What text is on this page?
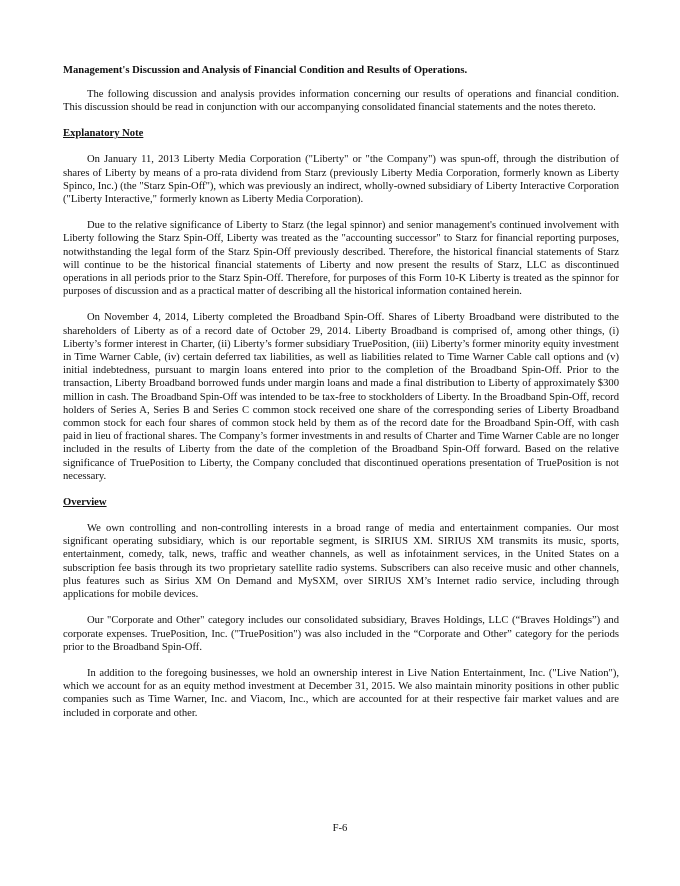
Management's Discussion and Analysis of Financial Condition and Results of Operations.

The following discussion and analysis provides information concerning our results of operations and financial condition. This discussion should be read in conjunction with our accompanying consolidated financial statements and the notes thereto.

Explanatory Note

On January 11, 2013 Liberty Media Corporation ("Liberty" or "the Company") was spun-off, through the distribution of shares of Liberty by means of a pro-rata dividend from Starz (previously Liberty Media Corporation, formerly known as Liberty Spinco, Inc.) (the "Starz Spin-Off"), which was previously an indirect, wholly-owned subsidiary of Liberty Interactive Corporation ("Liberty Interactive," formerly known as Liberty Media Corporation).

Due to the relative significance of Liberty to Starz (the legal spinnor) and senior management's continued involvement with Liberty following the Starz Spin-Off, Liberty was treated as the "accounting successor" to Starz for financial reporting purposes, notwithstanding the legal form of the Starz Spin-Off previously described. Therefore, the historical financial statements of Starz will continue to be the historical financial statements of Liberty and now present the results of Starz, LLC as discontinued operations in all periods prior to the Starz Spin-Off. Therefore, for purposes of this Form 10-K Liberty is treated as the spinnor for purposes of discussion and as a practical matter of describing all the historical information contained herein.

On November 4, 2014, Liberty completed the Broadband Spin-Off. Shares of Liberty Broadband were distributed to the shareholders of Liberty as of a record date of October 29, 2014. Liberty Broadband is comprised of, among other things, (i) Liberty’s former interest in Charter, (ii) Liberty’s former subsidiary TruePosition, (iii) Liberty’s former minority equity investment in Time Warner Cable, (iv) certain deferred tax liabilities, as well as liabilities related to Time Warner Cable call options and (v) initial indebtedness, pursuant to margin loans entered into prior to the completion of the Broadband Spin-Off. Prior to the transaction, Liberty Broadband borrowed funds under margin loans and made a final distribution to Liberty of approximately $300 million in cash. The Broadband Spin-Off was intended to be tax-free to stockholders of Liberty. In the Broadband Spin-Off, record holders of Series A, Series B and Series C common stock received one share of the corresponding series of Liberty Broadband common stock for each four shares of common stock held by them as of the record date for the Broadband Spin-Off, with cash paid in lieu of fractional shares. The Company’s former investments in and results of Charter and Time Warner Cable are no longer included in the results of Liberty from the date of the completion of the Broadband Spin-Off forward. Based on the relative significance of TruePosition to Liberty, the Company concluded that discontinued operations presentation of TruePosition is not necessary.

Overview

We own controlling and non-controlling interests in a broad range of media and entertainment companies. Our most significant operating subsidiary, which is our reportable segment, is SIRIUS XM. SIRIUS XM transmits its music, sports, entertainment, comedy, talk, news, traffic and weather channels, as well as infotainment services, in the United States on a subscription fee basis through its two proprietary satellite radio systems. Subscribers can also receive music and other channels, plus features such as Sirius XM On Demand and MySXM, over SIRIUS XM’s Internet radio service, including through applications for mobile devices.

Our "Corporate and Other" category includes our consolidated subsidiary, Braves Holdings, LLC (“Braves Holdings”) and corporate expenses. TruePosition, Inc. ("TruePosition") was also included in the “Corporate and Other” category for the periods prior to the Broadband Spin-Off.

In addition to the foregoing businesses, we hold an ownership interest in Live Nation Entertainment, Inc. ("Live Nation"), which we account for as an equity method investment at December 31, 2015. We also maintain minority positions in other public companies such as Time Warner, Inc. and Viacom, Inc., which are accounted for at their respective fair market values and are included in corporate and other.

F-6
